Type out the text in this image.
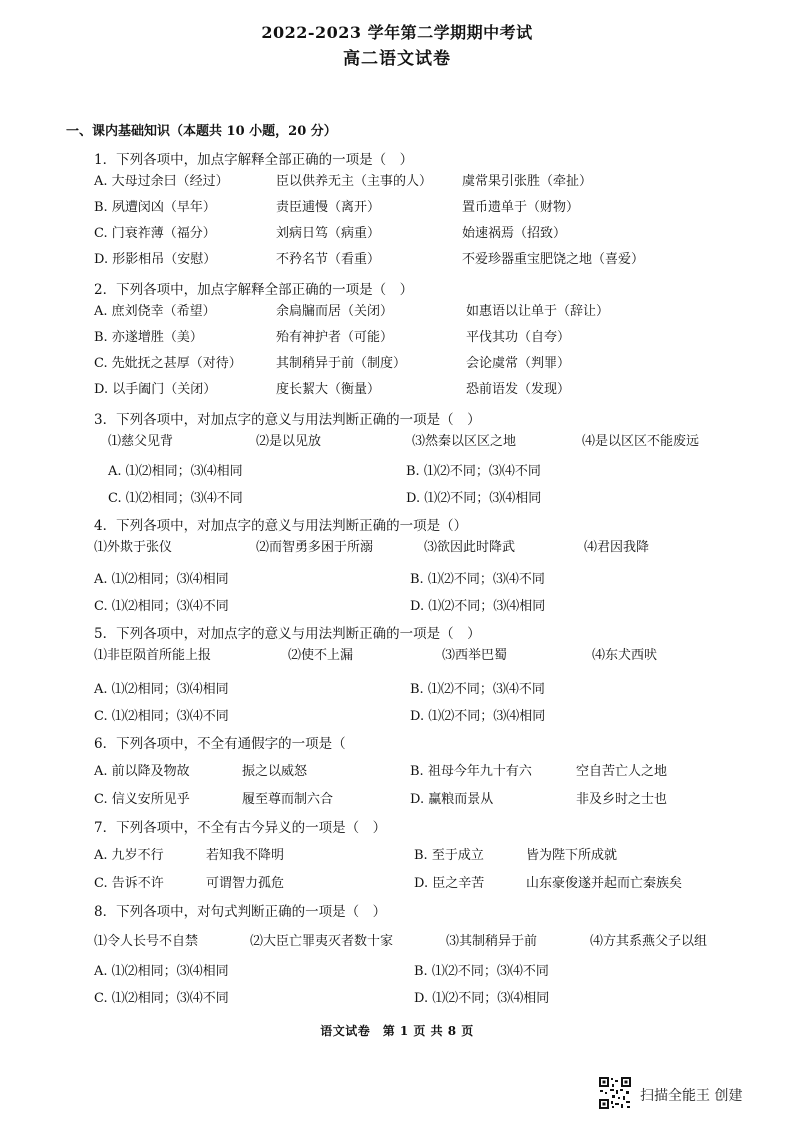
2022-2023 学年第二学期期中考试
高二语文试卷
一、课内基础知识（本题共 10 小题，20 分）
1．下列各项中，加点字解释全部正确的一项是（　）
A. 大母过余曰（经过）	臣以供养无主（主事的人） 虞常果引张胜（牵扯）
B. 夙遭闵凶（早年）	责臣逋慢（离开）	置币遗单于（财物）
C. 门衰祚薄（福分）	刘病日笃（病重）	始速祸焉（招致）
D. 形影相吊（安慰）	不矜名节（看重）	不爱珍器重宝肥饶之地（喜爱）
2．下列各项中，加点字解释全部正确的一项是（　）
A. 庶刘侥幸（希望）	余扃牖而居（关闭）	如惠语以让单于（辞让）
B. 亦遂增胜（美）	殆有神护者（可能）	平伐其功（自夸）
C. 先妣抚之甚厚（对待）	其制稍异于前（制度）	会论虞常（判罪）
D. 以手阖门（关闭）	度长絜大（衡量）	恐前语发（发现）
3．下列各项中，对加点字的意义与用法判断正确的一项是（　）
⑴慈父见背	⑵是以见放	⑶然秦以区区之地	⑷是以区区不能废远
A. ⑴⑵相同；⑶⑷相同	B. ⑴⑵不同；⑶⑷不同
C. ⑴⑵相同；⑶⑷不同	D. ⑴⑵不同；⑶⑷相同
4．下列各项中，对加点字的意义与用法判断正确的一项是（）
⑴外欺于张仪	⑵而智勇多困于所溺	⑶欲因此时降武	⑷君因我降
A. ⑴⑵相同；⑶⑷相同	B. ⑴⑵不同；⑶⑷不同
C. ⑴⑵相同；⑶⑷不同	D. ⑴⑵不同；⑶⑷相同
5．下列各项中，对加点字的意义与用法判断正确的一项是（　）
⑴非臣陨首所能上报	⑵使不上漏	⑶西举巴蜀	⑷东犬西吠
A. ⑴⑵相同；⑶⑷相同	B. ⑴⑵不同；⑶⑷不同
C. ⑴⑵相同；⑶⑷不同	D. ⑴⑵不同；⑶⑷相同
6．下列各项中，不全有通假字的一项是（
A. 前以降及物故	振之以威怒	B. 祖母今年九十有六	空自苦亡人之地
C. 信义安所见乎	履至尊而制六合	D. 赢粮而景从	非及乡时之士也
7．下列各项中，不全有古今异义的一项是（　）
A. 九岁不行	若知我不降明	B. 至于成立	皆为陛下所成就
C. 告诉不许	可谓智力孤危	D. 臣之辛苦	山东豪俊遂并起而亡秦族矣
8．下列各项中，对句式判断正确的一项是（　）
⑴令人长号不自禁	⑵大臣亡罪夷灭者数十家	⑶其制稍异于前	⑷方其系燕父子以组
A. ⑴⑵相同；⑶⑷相同	B. ⑴⑵不同；⑶⑷不同
C. ⑴⑵相同；⑶⑷不同	D. ⑴⑵不同；⑶⑷相同
语文试卷　第 1 页 共 8 页
扫描全能王 创建
